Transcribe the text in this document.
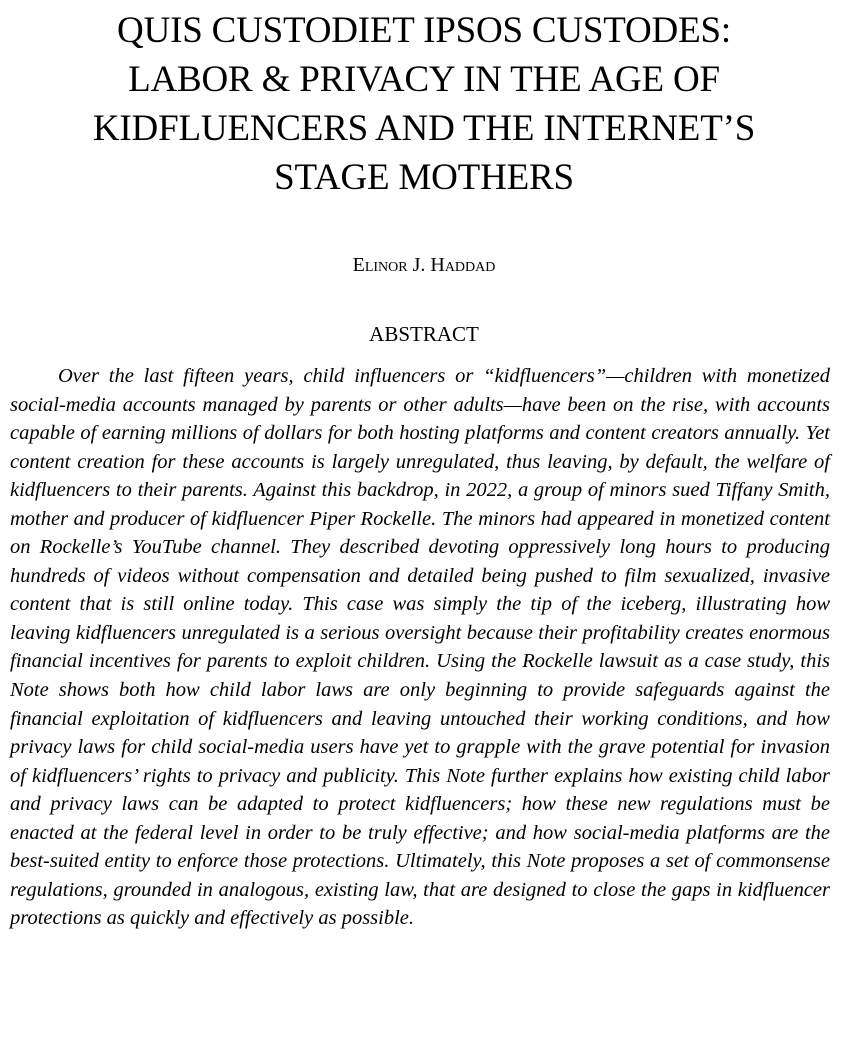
QUIS CUSTODIET IPSOS CUSTODES:
LABOR & PRIVACY IN THE AGE OF
KIDFLUENCERS AND THE INTERNET’S
STAGE MOTHERS
Elinor J. Haddad
ABSTRACT

Over the last fifteen years, child influencers or “kidfluencers”—children with monetized social-media accounts managed by parents or other adults—have been on the rise, with accounts capable of earning millions of dollars for both hosting platforms and content creators annually. Yet content creation for these accounts is largely unregulated, thus leaving, by default, the welfare of kidfluencers to their parents. Against this backdrop, in 2022, a group of minors sued Tiffany Smith, mother and producer of kidfluencer Piper Rockelle. The minors had appeared in monetized content on Rockelle’s YouTube channel. They described devoting oppressively long hours to producing hundreds of videos without compensation and detailed being pushed to film sexualized, invasive content that is still online today. This case was simply the tip of the iceberg, illustrating how leaving kidfluencers unregulated is a serious oversight because their profitability creates enormous financial incentives for parents to exploit children. Using the Rockelle lawsuit as a case study, this Note shows both how child labor laws are only beginning to provide safeguards against the financial exploitation of kidfluencers and leaving untouched their working conditions, and how privacy laws for child social-media users have yet to grapple with the grave potential for invasion of kidfluencers’ rights to privacy and publicity. This Note further explains how existing child labor and privacy laws can be adapted to protect kidfluencers; how these new regulations must be enacted at the federal level in order to be truly effective; and how social-media platforms are the best-suited entity to enforce those protections. Ultimately, this Note proposes a set of commonsense regulations, grounded in analogous, existing law, that are designed to close the gaps in kidfluencer protections as quickly and effectively as possible.
